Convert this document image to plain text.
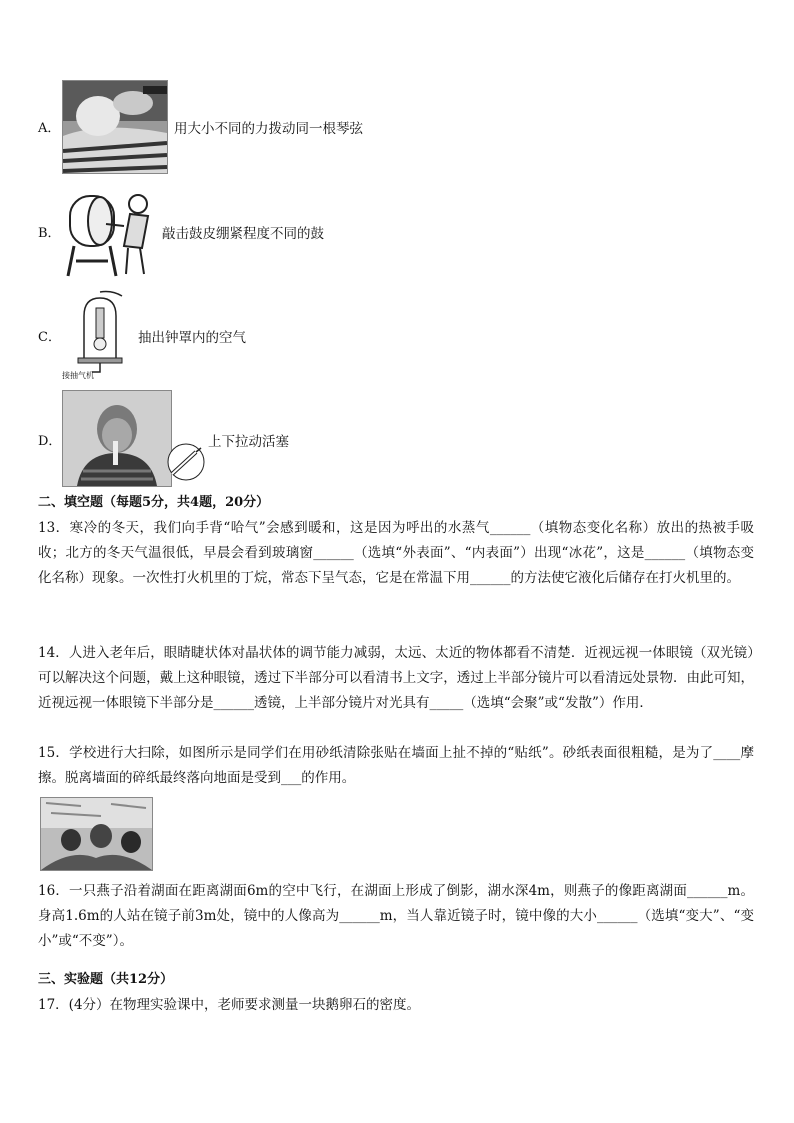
A．	用大小不同的力拨动同一根琴弦
B．	敲击鼓皮绷紧程度不同的鼓
C．
接抽气机
抽出钟罩内的空气
D．	上下拉动活塞
二、填空题（每题5分，共4题，20分）
13．寒冷的冬天，我们向手背“哈气”会感到暖和，这是因为呼出的水蒸气______（填物态变化名称）放出的热被手吸收；北方的冬天气温很低，早晨会看到玻璃窗______（选填“外表面”、“内表面”）出现“冰花”，这是______（填物态变化名称）现象。一次性打火机里的丁烷，常态下呈气态，它是在常温下用______的方法使它液化后储存在打火机里的。
14．人进入老年后，眼睛睫状体对晶状体的调节能力减弱，太远、太近的物体都看不清楚．近视远视一体眼镜（双光镜）可以解决这个问题，戴上这种眼镜，透过下半部分可以看清书上文字，透过上半部分镜片可以看清远处景物．由此可知，近视远视一体眼镜下半部分是______透镜，上半部分镜片对光具有_____（选填“会聚”或“发散”）作用．
15．学校进行大扫除，如图所示是同学们在用砂纸清除张贴在墙面上扯不掉的“贴纸”。砂纸表面很粗糙，是为了____摩擦。脱离墙面的碎纸最终落向地面是受到___的作用。
16．一只燕子沿着湖面在距离湖面6m的空中飞行，在湖面上形成了倒影，湖水深4m，则燕子的像距离湖面______m。身高1.6m的人站在镜子前3m处，镜中的人像高为______m，当人靠近镜子时，镜中像的大小______（选填“变大”、“变小”或“不变”）。
三、实验题（共12分）
17．(4分）在物理实验课中，老师要求测量一块鹅卵石的密度。
